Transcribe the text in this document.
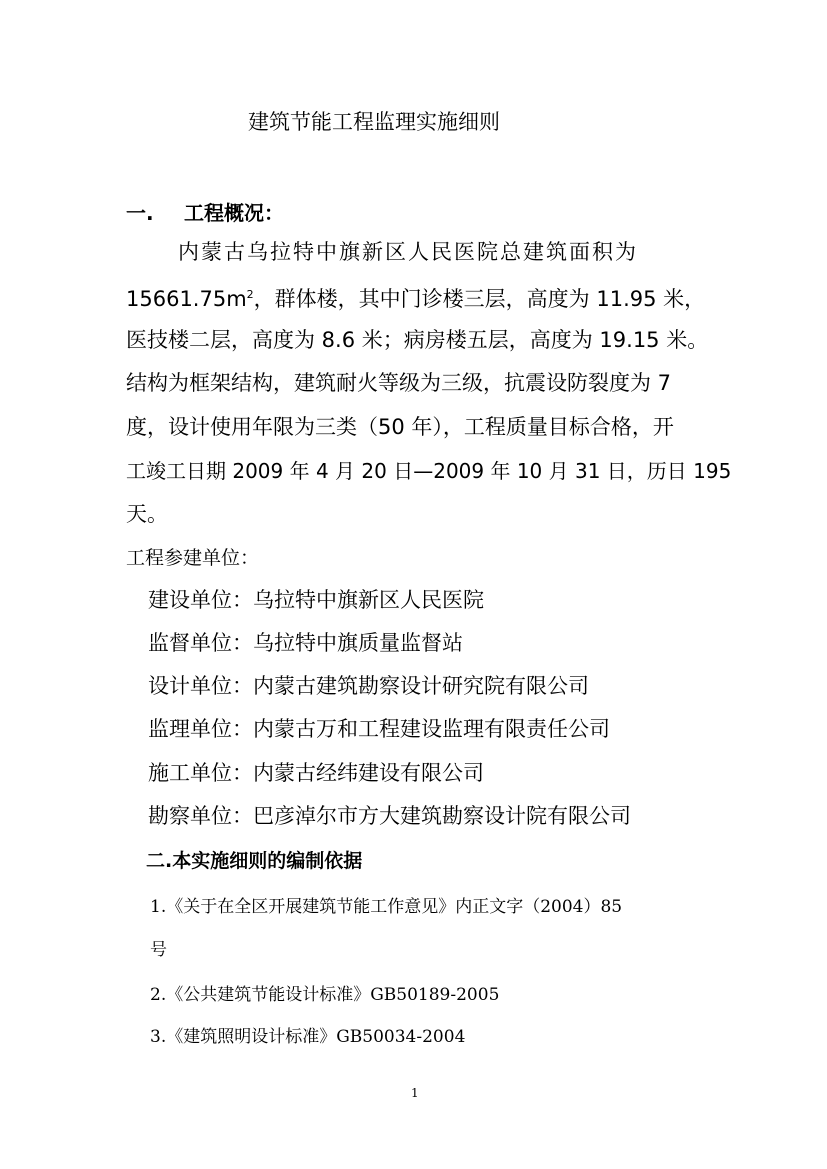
建筑节能工程监理实施细则
一. 工程概况：
内蒙古乌拉特中旗新区人民医院总建筑面积为
$15661.75m^2$，群体楼，其中门诊楼三层，高度为 11.95 米，
医技楼二层，高度为 8.6 米；病房楼五层，高度为 19.15 米。
结构为框架结构，建筑耐火等级为三级，抗震设防裂度为 7
度，设计使用年限为三类（50 年），工程质量目标合格，开
工竣工日期 2009 年 4 月 20 日—2009 年 10 月 31 日，历日 195
天。
工程参建单位：
建设单位：乌拉特中旗新区人民医院
监督单位：乌拉特中旗质量监督站
设计单位：内蒙古建筑勘察设计研究院有限公司
监理单位：内蒙古万和工程建设监理有限责任公司
施工单位：内蒙古经纬建设有限公司
勘察单位：巴彦淖尔市方大建筑勘察设计院有限公司
二.本实施细则的编制依据
1.《关于在全区开展建筑节能工作意见》内正文字（2004）85
号
2.《公共建筑节能设计标准》GB50189-2005
3.《建筑照明设计标准》GB50034-2004
1
